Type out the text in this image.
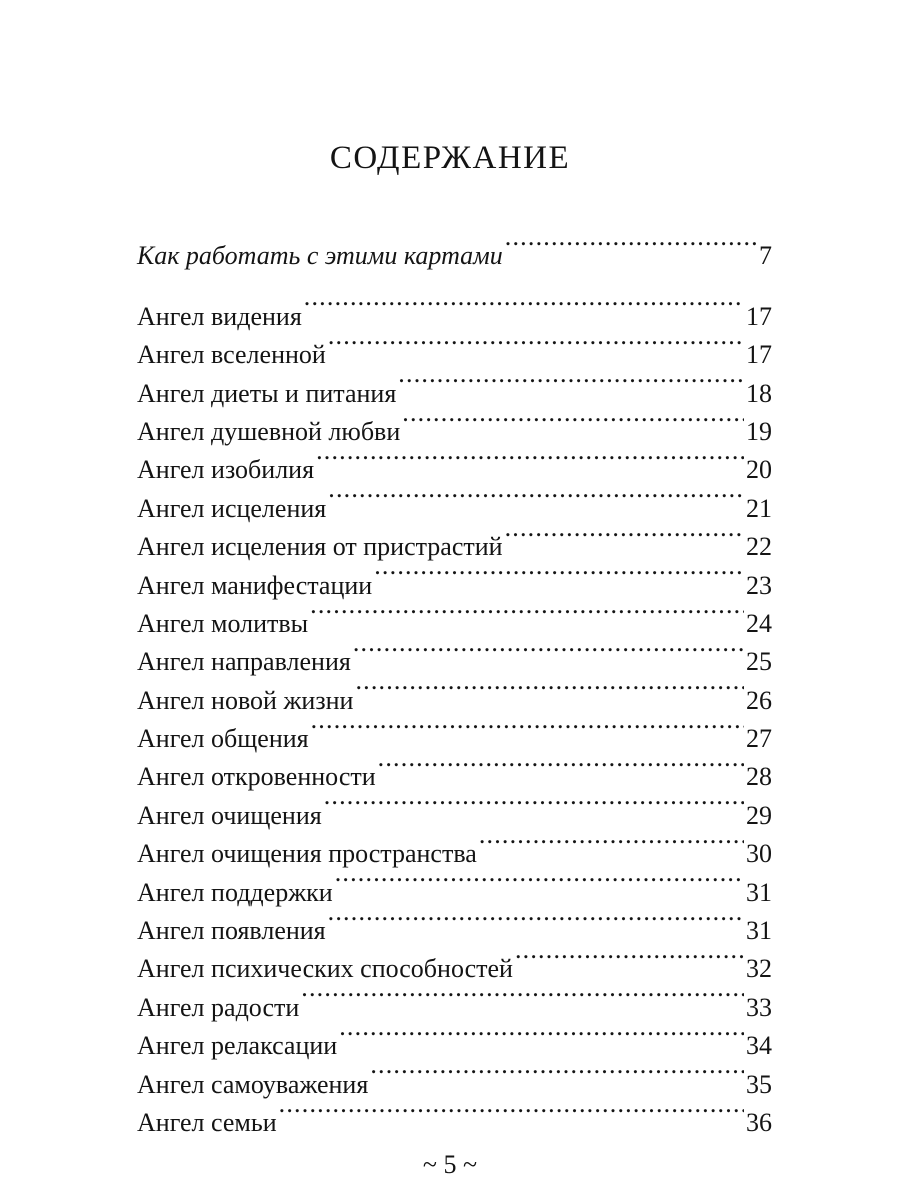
СОДЕРЖАНИЕ
Как работать с этими картами .....	7
Ангел видения .....	17
Ангел вселенной .....	17
Ангел диеты и питания .....	18
Ангел душевной любви .....	19
Ангел изобилия .....	20
Ангел исцеления .....	21
Ангел исцеления от пристрастий .....	22
Ангел манифестации .....	23
Ангел молитвы .....	24
Ангел направления .....	25
Ангел новой жизни .....	26
Ангел общения .....	27
Ангел откровенности .....	28
Ангел очищения .....	29
Ангел очищения пространства .....	30
Ангел поддержки .....	31
Ангел появления .....	31
Ангел психических способностей .....	32
Ангел радости .....	33
Ангел релаксации .....	34
Ангел самоуважения .....	35
Ангел семьи .....	36
~ 5 ~
